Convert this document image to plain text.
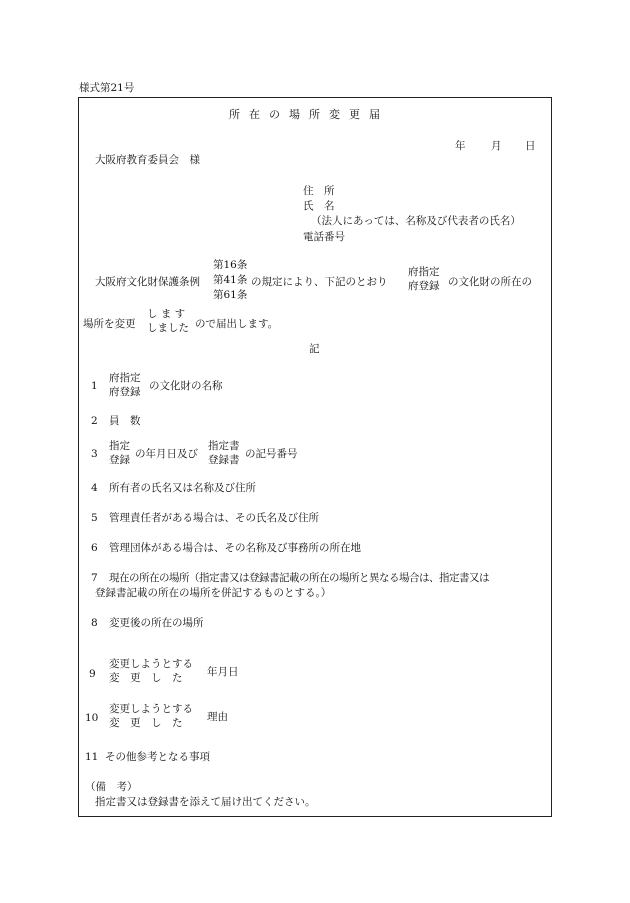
様式第21号
所在の場所変更届
年 月 日
大阪府教育委員会　様
住　所
氏　名
（法人にあっては、名称及び代表者の氏名）
電話番号
大阪府文化財保護条例
第16条
第41条
第61条
の規定により、下記のとおり
府指定
府登録 の文化財の所在の
場所を変更
し ま す
しました ので届出します。
記
1
府指定
府登録 の文化財の名称
2 員　数
3
指定
登録 の年月日及び
指定書
登録書 の記号番号
4 所有者の氏名又は名称及び住所
5 管理責任者がある場合は、その氏名及び住所
6 管理団体がある場合は、その名称及び事務所の所在地
7 現在の所在の場所（指定書又は登録書記載の所在の場所と異なる場合は、指定書又は
登録書記載の所在の場所を併記するものとする。）
8 変更後の所在の場所
9
変更しようとする
変　更　し　た	年月日
10
変更しようとする
変　更　し　た	理由
11 その他参考となる事項
（備　考）
指定書又は登録書を添えて届け出てください。
